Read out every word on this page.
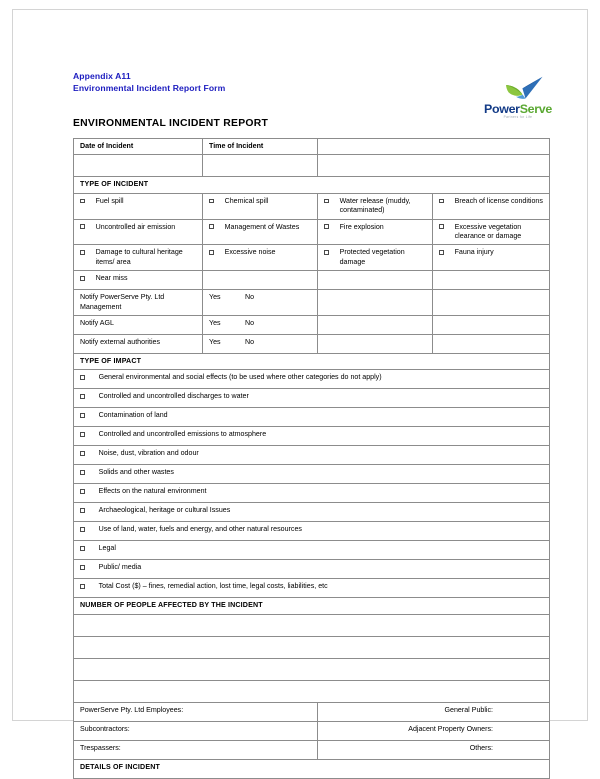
Appendix A11
Environmental Incident Report Form
ENVIRONMENTAL INCIDENT REPORT
PowerServe
Partners for Life
Date of Incident	Time of Incident		

TYPE OF INCIDENT			

Fuel spill	Chemical spill	Water release (muddy, contaminated)	Breach of license conditions

Uncontrolled air emission	Management of Wastes	Fire explosion	Excessive vegetation clearance or damage

Damage to cultural heritage items/ area	Excessive noise	Protected vegetation damage	Fauna injury

Near miss			

Notify PowerServe Pty. Ltd Management	Yes No		
Notify AGL	Yes No		
Notify external authorities	Yes No		
TYPE OF IMPACT			

General environmental and social effects (to be used where other categories do not apply)			

Controlled and uncontrolled discharges to water			

Contamination of land			

Controlled and uncontrolled emissions to atmosphere			

Noise, dust, vibration and odour			

Solids and other wastes			

Effects on the natural environment			

Archaeological, heritage or cultural Issues			

Use of land, water, fuels and energy, and other natural resources			

Legal			

Public/ media			

Total Cost ($) – fines, remedial action, lost time, legal costs, liabilities, etc			

NUMBER OF PEOPLE AFFECTED BY THE INCIDENT			

PowerServe Pty. Ltd Employees:		General Public:	
Subcontractors:		Adjacent Property Owners:	
Trespassers:		Others:	
DETAILS OF INCIDENT			
